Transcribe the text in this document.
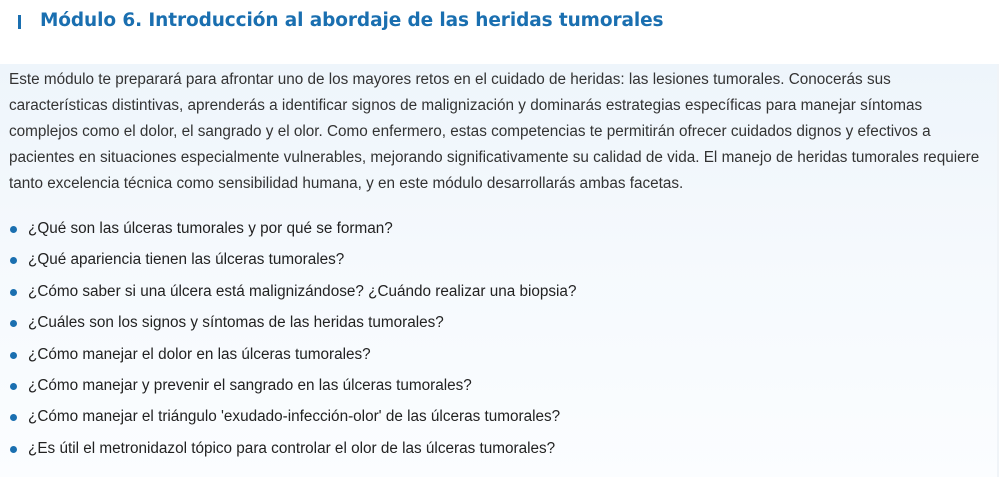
Módulo 6. Introducción al abordaje de las heridas tumorales

Este módulo te preparará para afrontar uno de los mayores retos en el cuidado de heridas: las lesiones tumorales. Conocerás sus características distintivas, aprenderás a identificar signos de malignización y dominarás estrategias específicas para manejar síntomas complejos como el dolor, el sangrado y el olor. Como enfermero, estas competencias te permitirán ofrecer cuidados dignos y efectivos a pacientes en situaciones especialmente vulnerables, mejorando significativamente su calidad de vida. El manejo de heridas tumorales requiere tanto excelencia técnica como sensibilidad humana, y en este módulo desarrollarás ambas facetas.

¿Qué son las úlceras tumorales y por qué se forman?
¿Qué apariencia tienen las úlceras tumorales?
¿Cómo saber si una úlcera está malignizándose? ¿Cuándo realizar una biopsia?
¿Cuáles son los signos y síntomas de las heridas tumorales?
¿Cómo manejar el dolor en las úlceras tumorales?
¿Cómo manejar y prevenir el sangrado en las úlceras tumorales?
¿Cómo manejar el triángulo 'exudado-infección-olor' de las úlceras tumorales?
¿Es útil el metronidazol tópico para controlar el olor de las úlceras tumorales?
